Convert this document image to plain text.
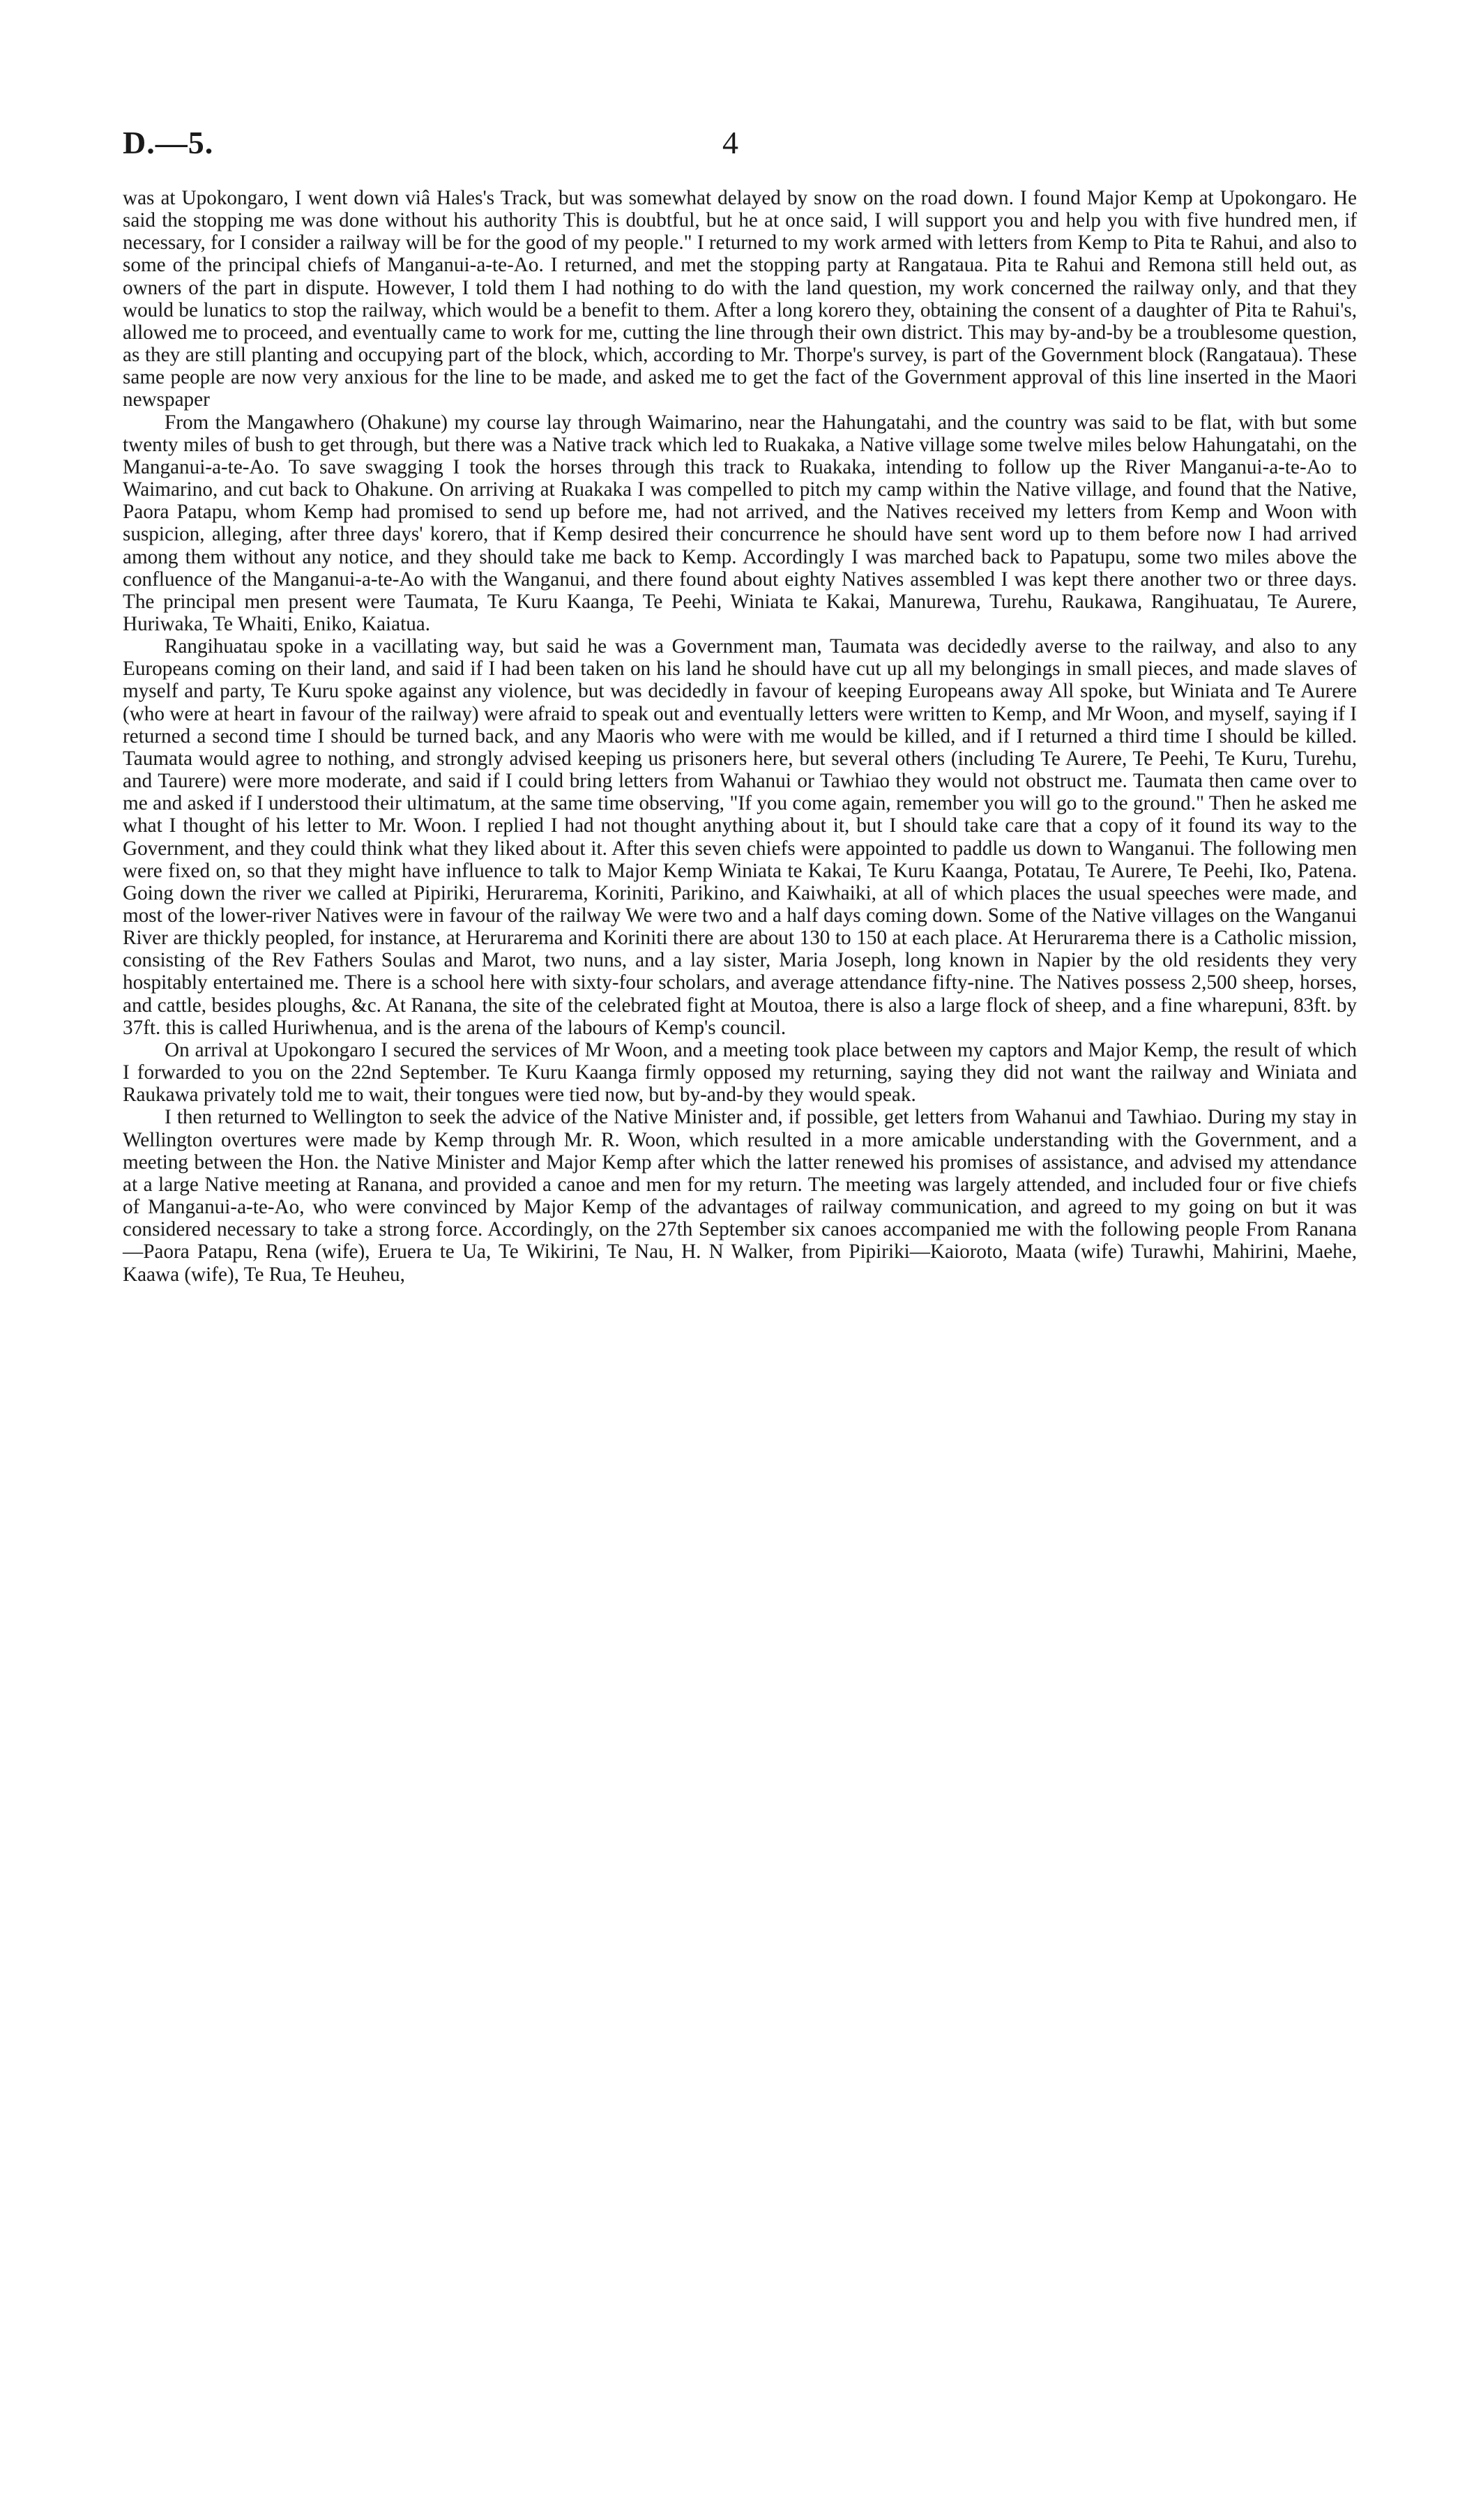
D.—5.	4

was at Upokongaro, I went down viâ Hales's Track, but was somewhat delayed by snow on the road down. I found Major Kemp at Upokongaro. He said the stopping me was done without his authority This is doubtful, but he at once said, I will support you and help you with five hundred men, if necessary, for I consider a railway will be for the good of my people." I returned to my work armed with letters from Kemp to Pita te Rahui, and also to some of the principal chiefs of Manganui-a-te-Ao. I returned, and met the stopping party at Rangataua. Pita te Rahui and Remona still held out, as owners of the part in dispute. However, I told them I had nothing to do with the land question, my work concerned the railway only, and that they would be lunatics to stop the railway, which would be a benefit to them. After a long korero they, obtaining the consent of a daughter of Pita te Rahui's, allowed me to proceed, and eventually came to work for me, cutting the line through their own district. This may by-and-by be a troublesome question, as they are still planting and occupying part of the block, which, according to Mr. Thorpe's survey, is part of the Government block (Rangataua). These same people are now very anxious for the line to be made, and asked me to get the fact of the Government approval of this line inserted in the Maori newspaper

From the Mangawhero (Ohakune) my course lay through Waimarino, near the Hahungatahi, and the country was said to be flat, with but some twenty miles of bush to get through, but there was a Native track which led to Ruakaka, a Native village some twelve miles below Hahungatahi, on the Manganui-a-te-Ao. To save swagging I took the horses through this track to Ruakaka, intending to follow up the River Manganui-a-te-Ao to Waimarino, and cut back to Ohakune. On arriving at Ruakaka I was compelled to pitch my camp within the Native village, and found that the Native, Paora Patapu, whom Kemp had promised to send up before me, had not arrived, and the Natives received my letters from Kemp and Woon with suspicion, alleging, after three days' korero, that if Kemp desired their concurrence he should have sent word up to them before now I had arrived among them without any notice, and they should take me back to Kemp. Accordingly I was marched back to Papatupu, some two miles above the confluence of the Manganui-a-te-Ao with the Wanganui, and there found about eighty Natives assembled I was kept there another two or three days. The principal men present were Taumata, Te Kuru Kaanga, Te Peehi, Winiata te Kakai, Manurewa, Turehu, Raukawa, Rangihuatau, Te Aurere, Huriwaka, Te Whaiti, Eniko, Kaiatua.

Rangihuatau spoke in a vacillating way, but said he was a Government man, Taumata was decidedly averse to the railway, and also to any Europeans coming on their land, and said if I had been taken on his land he should have cut up all my belongings in small pieces, and made slaves of myself and party, Te Kuru spoke against any violence, but was decidedly in favour of keeping Europeans away All spoke, but Winiata and Te Aurere (who were at heart in favour of the railway) were afraid to speak out and eventually letters were written to Kemp, and Mr Woon, and myself, saying if I returned a second time I should be turned back, and any Maoris who were with me would be killed, and if I returned a third time I should be killed. Taumata would agree to nothing, and strongly advised keeping us prisoners here, but several others (including Te Aurere, Te Peehi, Te Kuru, Turehu, and Taurere) were more moderate, and said if I could bring letters from Wahanui or Tawhiao they would not obstruct me. Taumata then came over to me and asked if I understood their ultimatum, at the same time observing, "If you come again, remember you will go to the ground." Then he asked me what I thought of his letter to Mr. Woon. I replied I had not thought anything about it, but I should take care that a copy of it found its way to the Government, and they could think what they liked about it. After this seven chiefs were appointed to paddle us down to Wanganui. The following men were fixed on, so that they might have influence to talk to Major Kemp Winiata te Kakai, Te Kuru Kaanga, Potatau, Te Aurere, Te Peehi, Iko, Patena. Going down the river we called at Pipiriki, Herurarema, Koriniti, Parikino, and Kaiwhaiki, at all of which places the usual speeches were made, and most of the lower-river Natives were in favour of the railway We were two and a half days coming down. Some of the Native villages on the Wanganui River are thickly peopled, for instance, at Herurarema and Koriniti there are about 130 to 150 at each place. At Herurarema there is a Catholic mission, consisting of the Rev Fathers Soulas and Marot, two nuns, and a lay sister, Maria Joseph, long known in Napier by the old residents they very hospitably entertained me. There is a school here with sixty-four scholars, and average attendance fifty-nine. The Natives possess 2,500 sheep, horses, and cattle, besides ploughs, &c. At Ranana, the site of the celebrated fight at Moutoa, there is also a large flock of sheep, and a fine wharepuni, 83ft. by 37ft. this is called Huriwhenua, and is the arena of the labours of Kemp's council.

On arrival at Upokongaro I secured the services of Mr Woon, and a meeting took place between my captors and Major Kemp, the result of which I forwarded to you on the 22nd September. Te Kuru Kaanga firmly opposed my returning, saying they did not want the railway and Winiata and Raukawa privately told me to wait, their tongues were tied now, but by-and-by they would speak.

I then returned to Wellington to seek the advice of the Native Minister and, if possible, get letters from Wahanui and Tawhiao. During my stay in Wellington overtures were made by Kemp through Mr. R. Woon, which resulted in a more amicable understanding with the Government, and a meeting between the Hon. the Native Minister and Major Kemp after which the latter renewed his promises of assistance, and advised my attendance at a large Native meeting at Ranana, and provided a canoe and men for my return. The meeting was largely attended, and included four or five chiefs of Manganui-a-te-Ao, who were convinced by Major Kemp of the advantages of railway communication, and agreed to my going on but it was considered necessary to take a strong force. Accordingly, on the 27th September six canoes accompanied me with the following people From Ranana—Paora Patapu, Rena (wife), Eruera te Ua, Te Wikirini, Te Nau, H. N Walker, from Pipiriki—Kaioroto, Maata (wife) Turawhi, Mahirini, Maehe, Kaawa (wife), Te Rua, Te Heuheu,
